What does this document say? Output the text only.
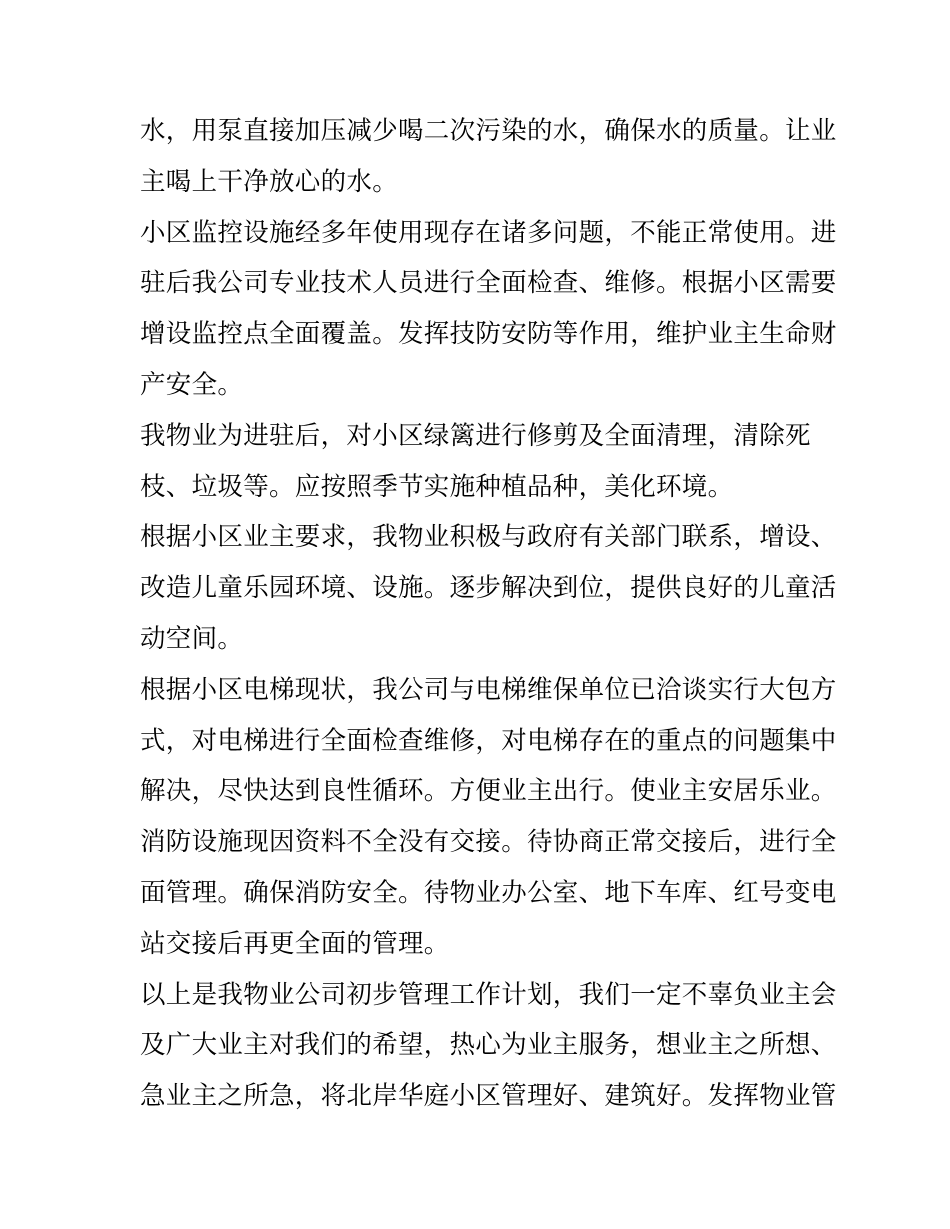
水，用泵直接加压减少喝二次污染的水，确保水的质量。让业
主喝上干净放心的水。
小区监控设施经多年使用现存在诸多问题，不能正常使用。进
驻后我公司专业技术人员进行全面检查、维修。根据小区需要
增设监控点全面覆盖。发挥技防安防等作用，维护业主生命财
产安全。
我物业为进驻后，对小区绿篱进行修剪及全面清理，清除死
枝、垃圾等。应按照季节实施种植品种，美化环境。
根据小区业主要求，我物业积极与政府有关部门联系，增设、
改造儿童乐园环境、设施。逐步解决到位，提供良好的儿童活
动空间。
根据小区电梯现状，我公司与电梯维保单位已洽谈实行大包方
式，对电梯进行全面检查维修，对电梯存在的重点的问题集中
解决，尽快达到良性循环。方便业主出行。使业主安居乐业。
消防设施现因资料不全没有交接。待协商正常交接后，进行全
面管理。确保消防安全。待物业办公室、地下车库、红号变电
站交接后再更全面的管理。
以上是我物业公司初步管理工作计划，我们一定不辜负业主会
及广大业主对我们的希望，热心为业主服务，想业主之所想、
急业主之所急，将北岸华庭小区管理好、建筑好。发挥物业管
